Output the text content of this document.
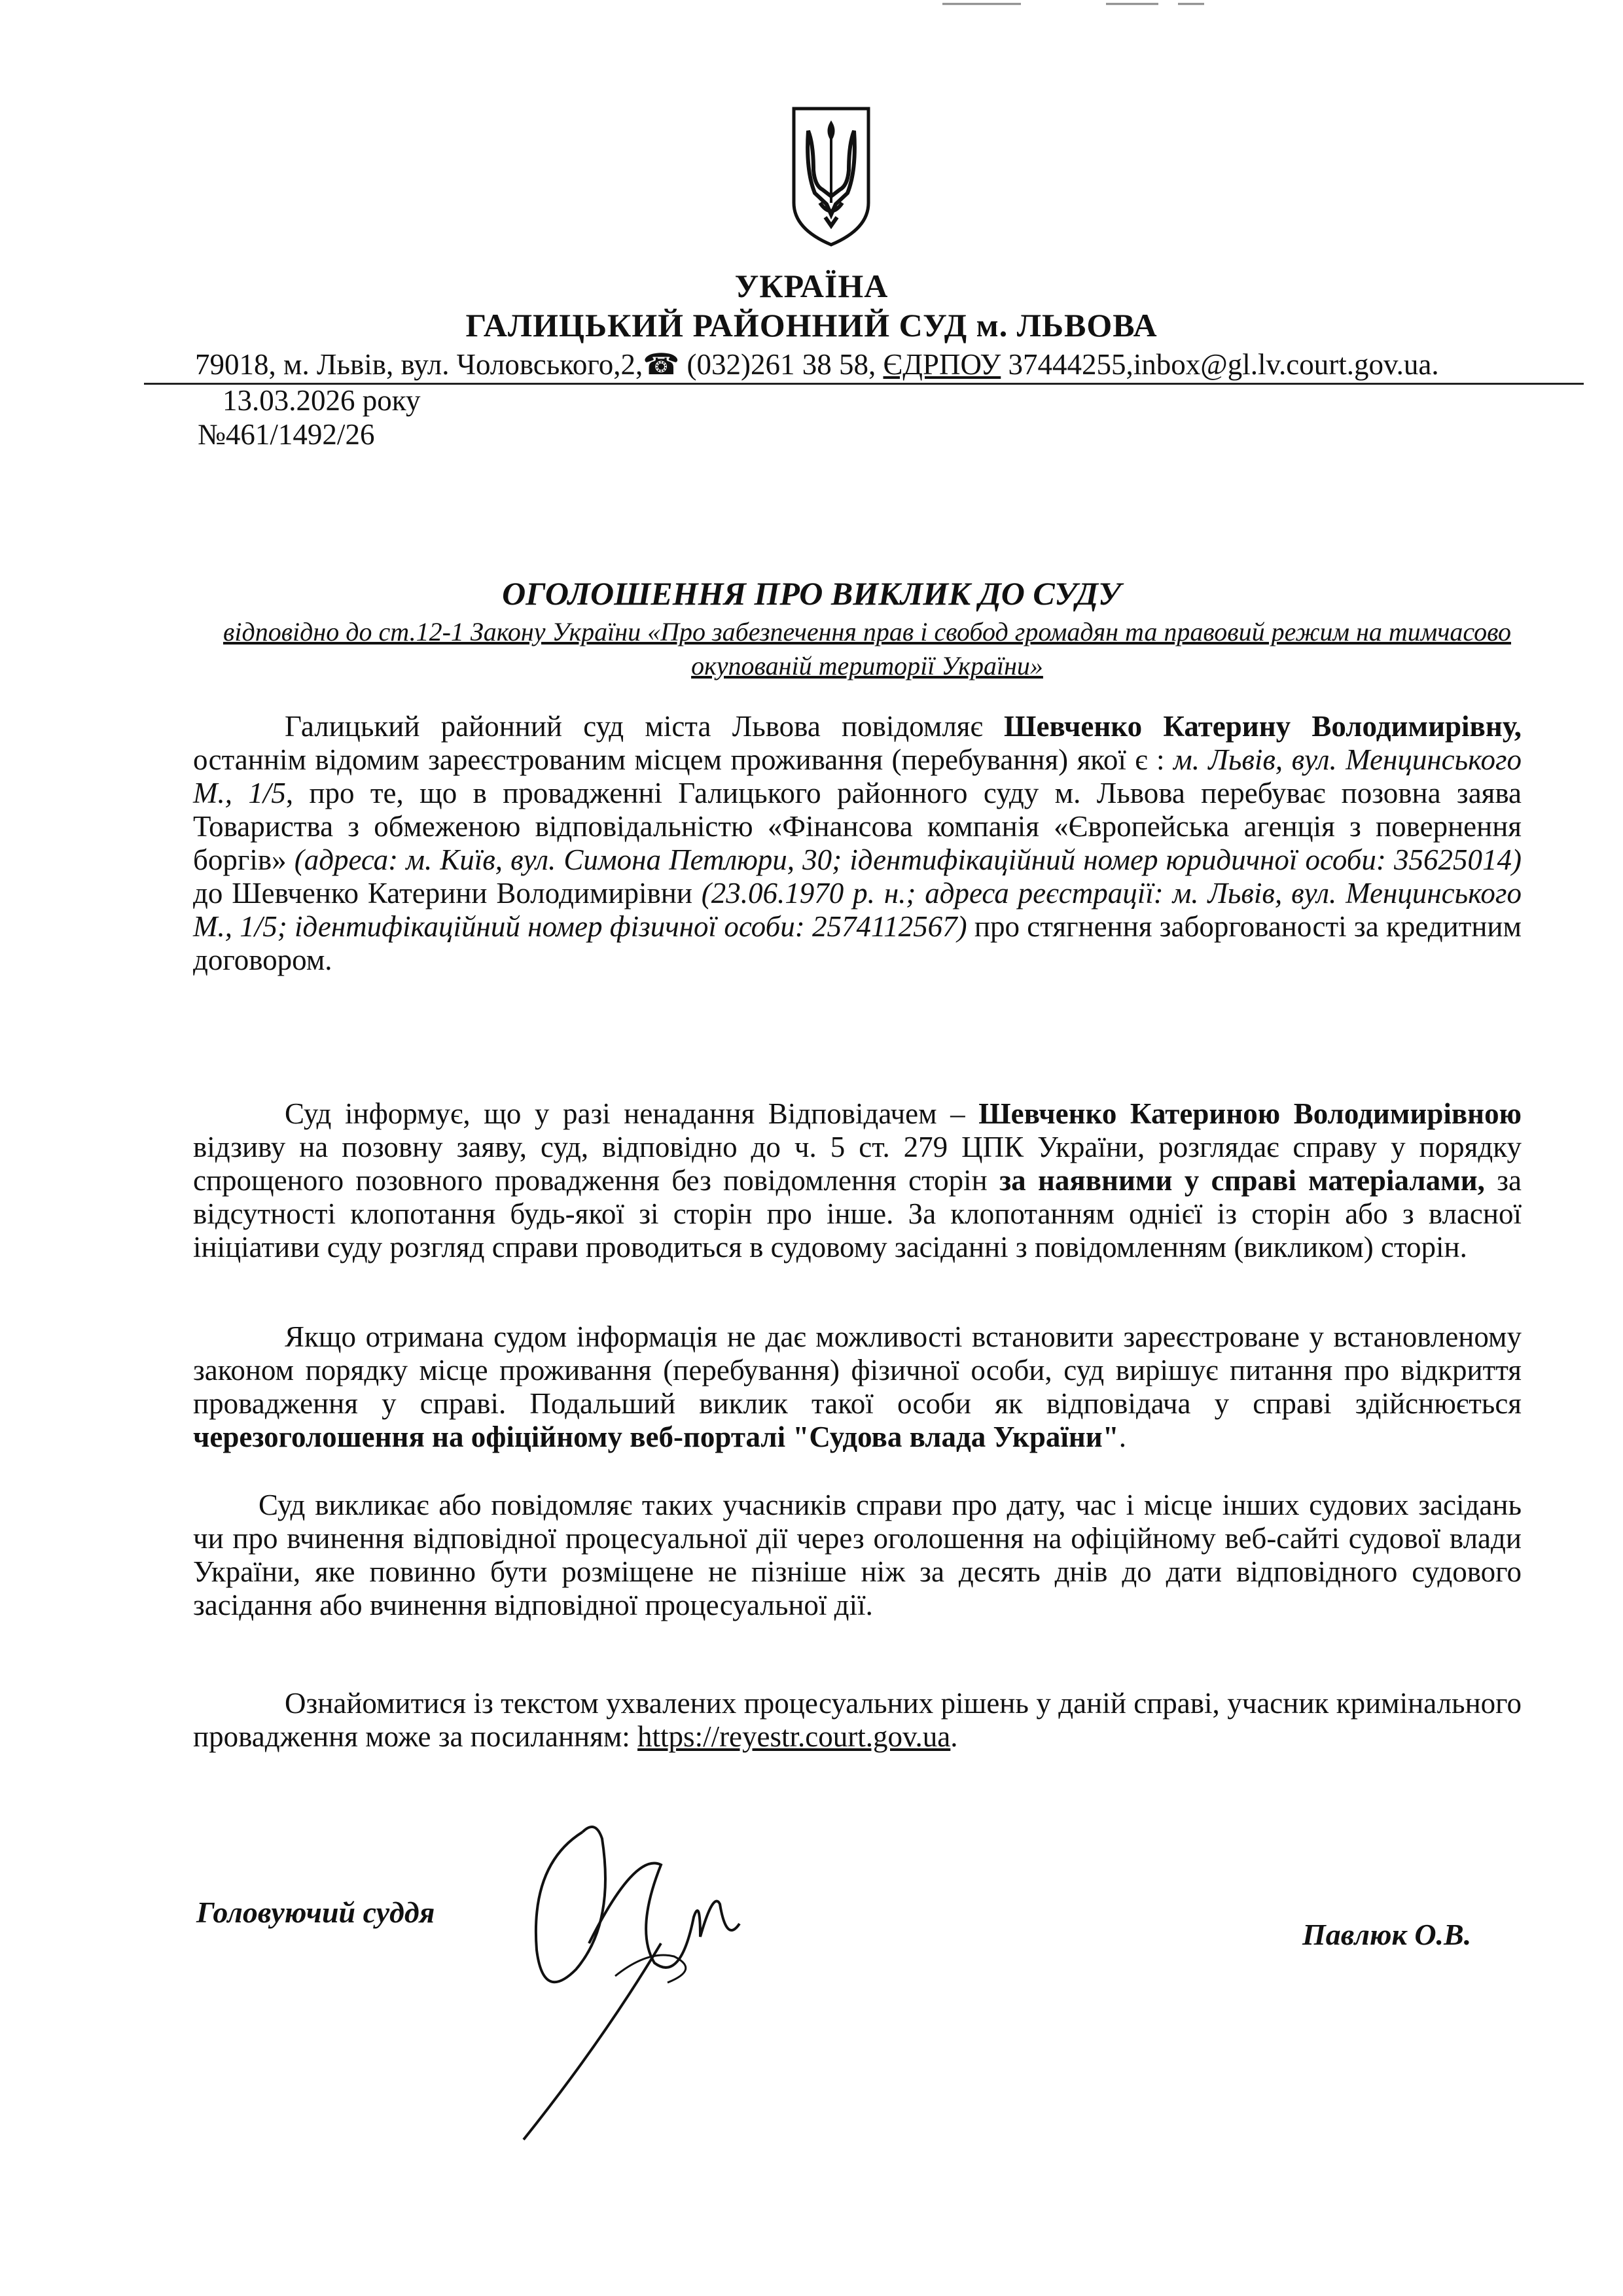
УКРАЇНА
ГАЛИЦЬКИЙ РАЙОННИЙ СУД м. ЛЬВОВА
79018, м. Львів, вул. Чоловського,2,☎ (032)261 38 58, ЄДРПОУ 37444255,inbox@gl.lv.court.gov.ua.
13.03.2026 року
№461/1492/26
ОГОЛОШЕННЯ ПРО ВИКЛИК ДО СУДУ
відповідно до ст.12-1 Закону України «Про забезпечення прав і свобод громадян та правовий режим на тимчасово окупованій території України»
Галицький районний суд міста Львова повідомляє Шевченко Катерину Володимирівну, останнім відомим зареєстрованим місцем проживання (перебування) якої є : м. Львів, вул. Менцинського М., 1/5, про те, що в провадженні Галицького районного суду м. Львова перебуває позовна заява Товариства з обмеженою відповідальністю «Фінансова компанія «Європейська агенція з повернення боргів» (адреса: м. Київ, вул. Симона Петлюри, 30; ідентифікаційний номер юридичної особи: 35625014) до Шевченко Катерини Володимирівни (23.06.1970 р. н.; адреса реєстрації: м. Львів, вул. Менцинського М., 1/5; ідентифікаційний номер фізичної особи: 2574112567) про стягнення заборгованості за кредитним договором.
Суд інформує, що у разі ненадання Відповідачем – Шевченко Катериною Володимирівною відзиву на позовну заяву, суд, відповідно до ч. 5 ст. 279 ЦПК України, розглядає справу у порядку спрощеного позовного провадження без повідомлення сторін за наявними у справі матеріалами, за відсутності клопотання будь-якої зі сторін про інше. За клопотанням однієї із сторін або з власної ініціативи суду розгляд справи проводиться в судовому засіданні з повідомленням (викликом) сторін.
Якщо отримана судом інформація не дає можливості встановити зареєстроване у встановленому законом порядку місце проживання (перебування) фізичної особи, суд вирішує питання про відкриття провадження у справі. Подальший виклик такої особи як відповідача у справі здійснюється черезоголошення на офіційному веб-порталі "Судова влада України".
Суд викликає або повідомляє таких учасників справи про дату, час і місце інших судових засідань чи про вчинення відповідної процесуальної дії через оголошення на офіційному веб-сайті судової влади України, яке повинно бути розміщене не пізніше ніж за десять днів до дати відповідного судового засідання або вчинення відповідної процесуальної дії.
Ознайомитися із текстом ухвалених процесуальних рішень у даній справі, учасник кримінального провадження може за посиланням: https://reyestr.court.gov.ua.
Головуючий суддя
Павлюк О.В.
